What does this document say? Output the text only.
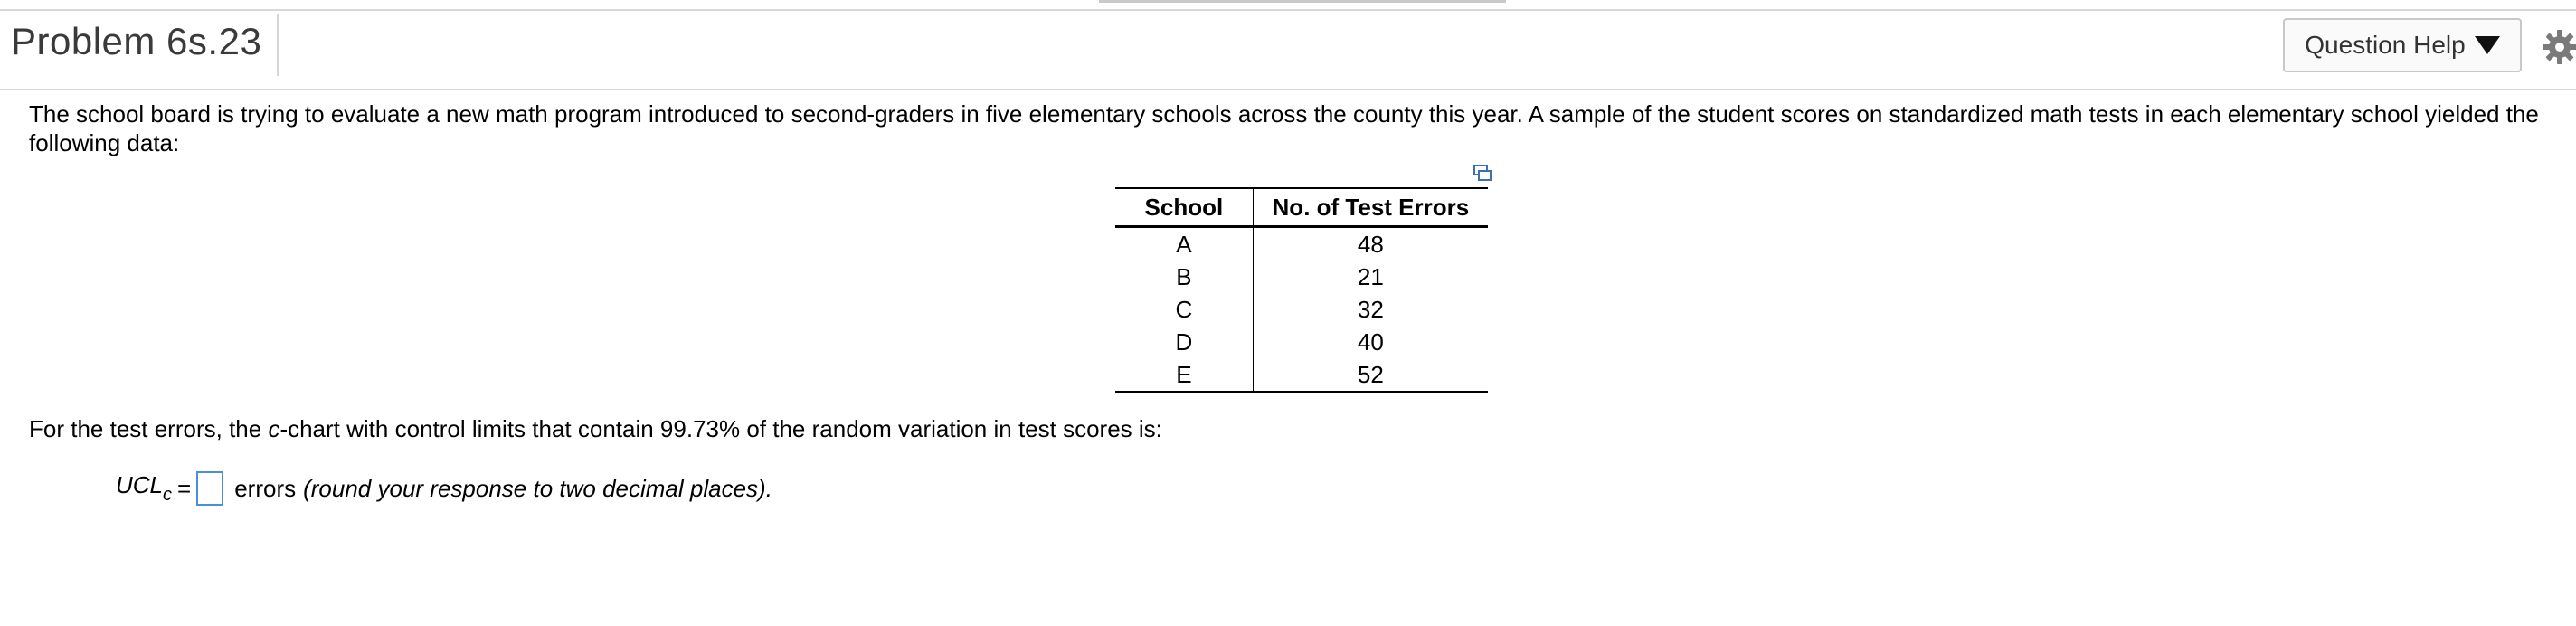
Problem 6s.23	Question Help
The school board is trying to evaluate a new math program introduced to second-graders in five elementary schools across the county this year. A sample of the student scores on standardized math tests in each elementary school yielded the following data:
School	No. of Test Errors
A	48
B	21
C	32
D	40
E	52
For the test errors, the c-chart with control limits that contain 99.73% of the random variation in test scores is:
$UCL_c$ = errors (round your response to two decimal places).
